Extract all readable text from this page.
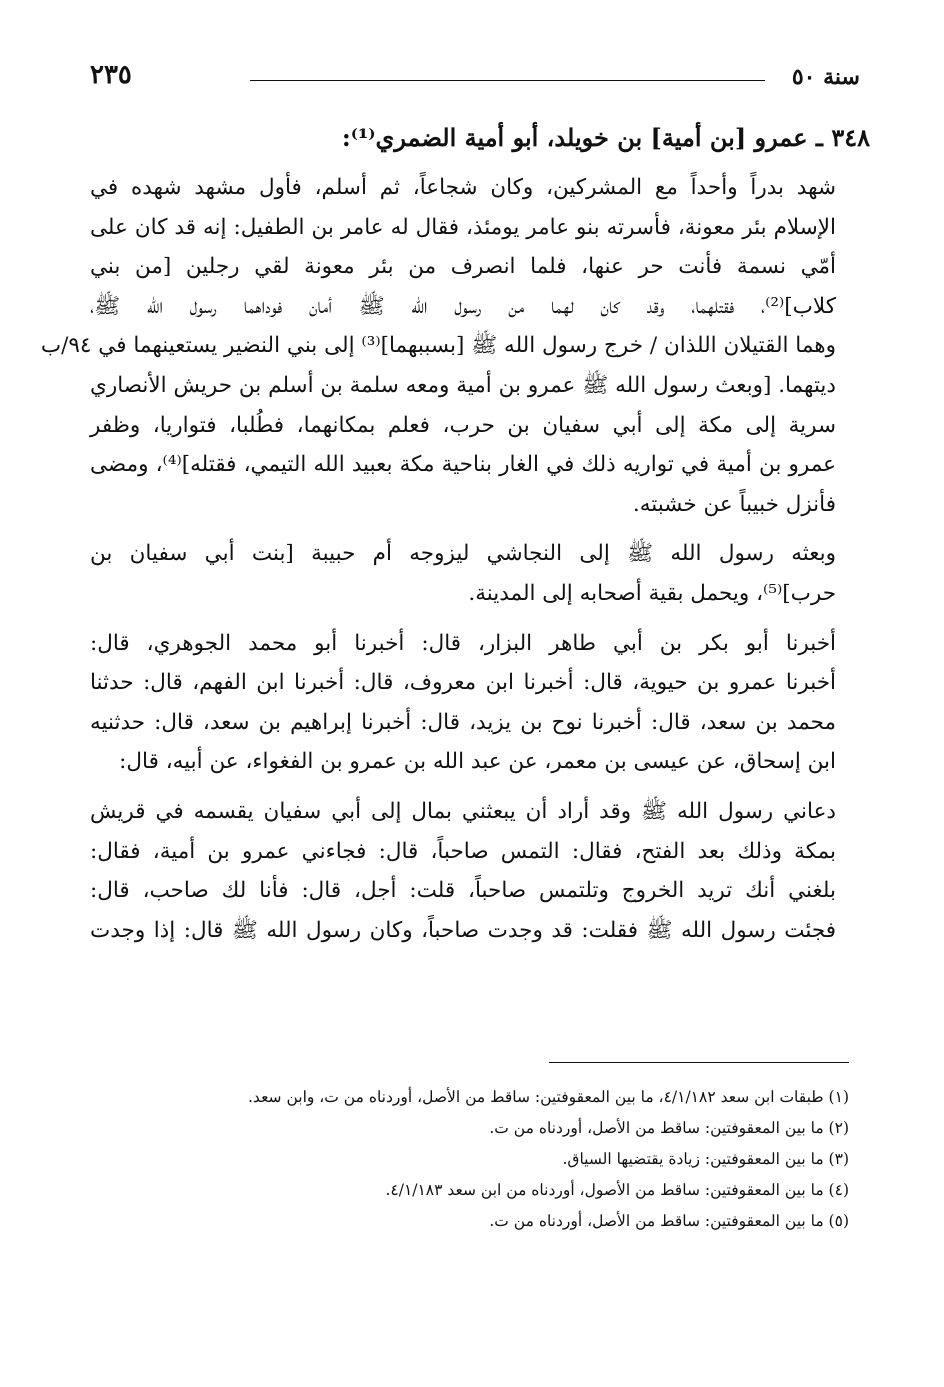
٢٣٥	سنة ٥٠
٣٤٨ ـ عمرو [بن أمية] بن خويلد، أبو أمية الضمري⁽¹⁾:
شهد بدراً وأحداً مع المشركين، وكان شجاعاً، ثم أسلم، فأول مشهد شهده في
الإسلام بئر معونة، فأسرته بنو عامر يومئذ، فقال له عامر بن الطفيل: إنه قد كان على
أمّي نسمة فأنت حر عنها، فلما انصرف من بئر معونة لقي رجلين [من بني
كلاب]⁽²⁾، فقتلهما، وقد كان لهما من رسول الله ﷺ أمان فوداهما رسول الله ﷺ،
وهما القتيلان اللذان / خرج رسول الله ﷺ [بسببهما]⁽³⁾ إلى بني النضير يستعينهما في ٩٤/ب
ديتهما. [وبعث رسول الله ﷺ عمرو بن أمية ومعه سلمة بن أسلم بن حريش الأنصاري
سرية إلى مكة إلى أبي سفيان بن حرب، فعلم بمكانهما، فطُلبا، فتواريا، وظفر
عمرو بن أمية في تواريه ذلك في الغار بناحية مكة بعبيد الله التيمي، فقتله]⁽⁴⁾، ومضى
فأنزل خبيباً عن خشبته.
وبعثه رسول الله ﷺ إلى النجاشي ليزوجه أم حبيبة [بنت أبي سفيان بن
حرب]⁽⁵⁾، ويحمل بقية أصحابه إلى المدينة.
أخبرنا أبو بكر بن أبي طاهر البزار، قال: أخبرنا أبو محمد الجوهري، قال:
أخبرنا عمرو بن حيوية، قال: أخبرنا ابن معروف، قال: أخبرنا ابن الفهم، قال: حدثنا
محمد بن سعد، قال: أخبرنا نوح بن يزيد، قال: أخبرنا إبراهيم بن سعد، قال: حدثنيه
ابن إسحاق، عن عيسى بن معمر، عن عبد الله بن عمرو بن الفغواء، عن أبيه، قال:
دعاني رسول الله ﷺ وقد أراد أن يبعثني بمال إلى أبي سفيان يقسمه في قريش
بمكة وذلك بعد الفتح، فقال: التمس صاحباً، قال: فجاءني عمرو بن أمية، فقال:
بلغني أنك تريد الخروج وتلتمس صاحباً، قلت: أجل، قال: فأنا لك صاحب، قال:
فجئت رسول الله ﷺ فقلت: قد وجدت صاحباً، وكان رسول الله ﷺ قال: إذا وجدت
(١) طبقات ابن سعد ٤/١/١٨٢، ما بين المعقوفتين: ساقط من الأصل، أوردناه من ت، وابن سعد.
(٢) ما بين المعقوفتين: ساقط من الأصل، أوردناه من ت.
(٣) ما بين المعقوفتين: زيادة يقتضيها السياق.
(٤) ما بين المعقوفتين: ساقط من الأصول، أوردناه من ابن سعد ٤/١/١٨٣.
(٥) ما بين المعقوفتين: ساقط من الأصل، أوردناه من ت.
